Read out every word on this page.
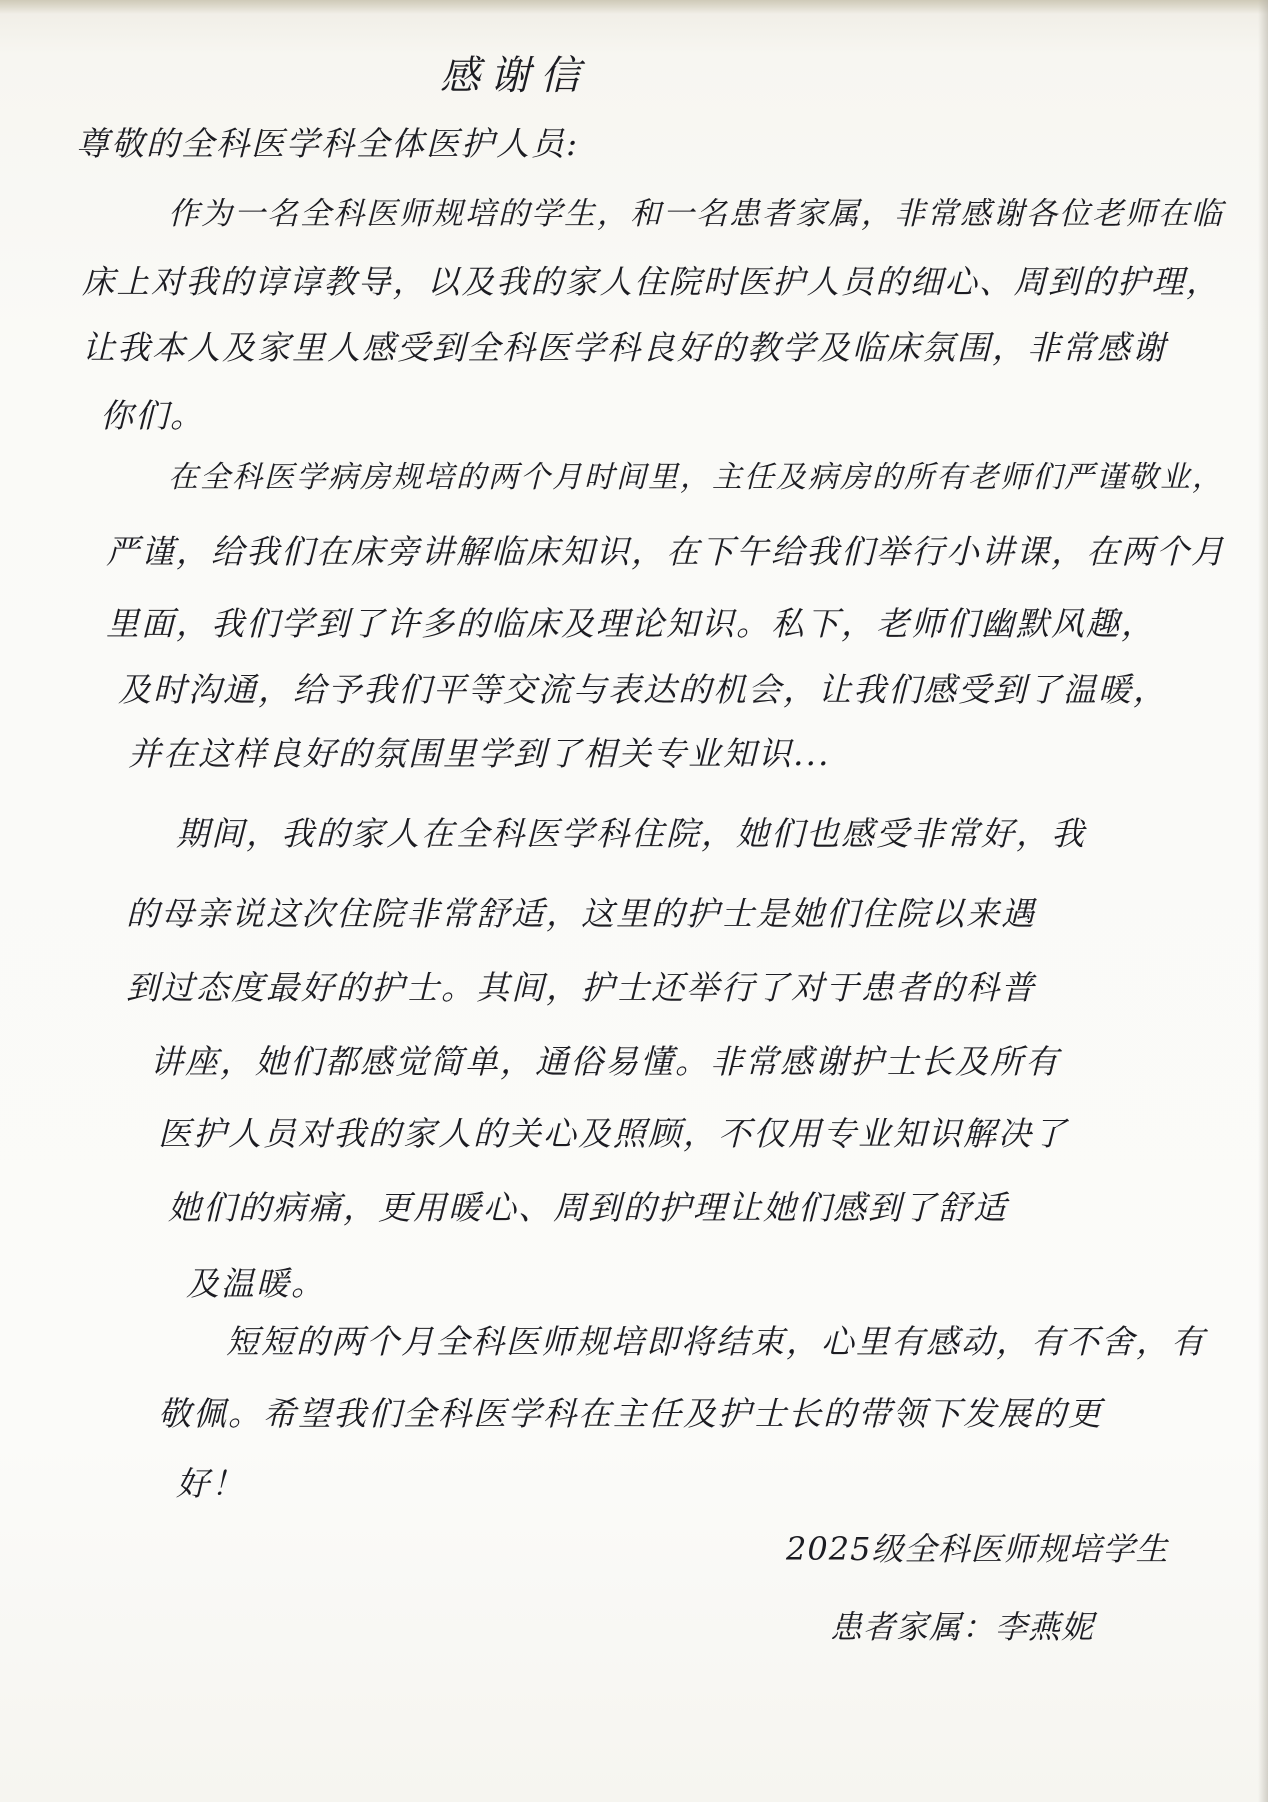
感谢信
尊敬的全科医学科全体医护人员:
作为一名全科医师规培的学生，和一名患者家属，非常感谢各位老师在临
床上对我的谆谆教导，以及我的家人住院时医护人员的细心、周到的护理，
让我本人及家里人感受到全科医学科良好的教学及临床氛围，非常感谢
你们。
在全科医学病房规培的两个月时间里，主任及病房的所有老师们严谨敬业，
严谨，给我们在床旁讲解临床知识，在下午给我们举行小讲课，在两个月
里面，我们学到了许多的临床及理论知识。私下，老师们幽默风趣，
及时沟通，给予我们平等交流与表达的机会，让我们感受到了温暖，
并在这样良好的氛围里学到了相关专业知识...
期间，我的家人在全科医学科住院，她们也感受非常好，我
的母亲说这次住院非常舒适，这里的护士是她们住院以来遇
到过态度最好的护士。其间，护士还举行了对于患者的科普
讲座，她们都感觉简单，通俗易懂。非常感谢护士长及所有
医护人员对我的家人的关心及照顾，不仅用专业知识解决了
她们的病痛，更用暖心、周到的护理让她们感到了舒适
及温暖。
短短的两个月全科医师规培即将结束，心里有感动，有不舍，有
敬佩。希望我们全科医学科在主任及护士长的带领下发展的更
好！
2025级全科医师规培学生
患者家属：李燕妮
